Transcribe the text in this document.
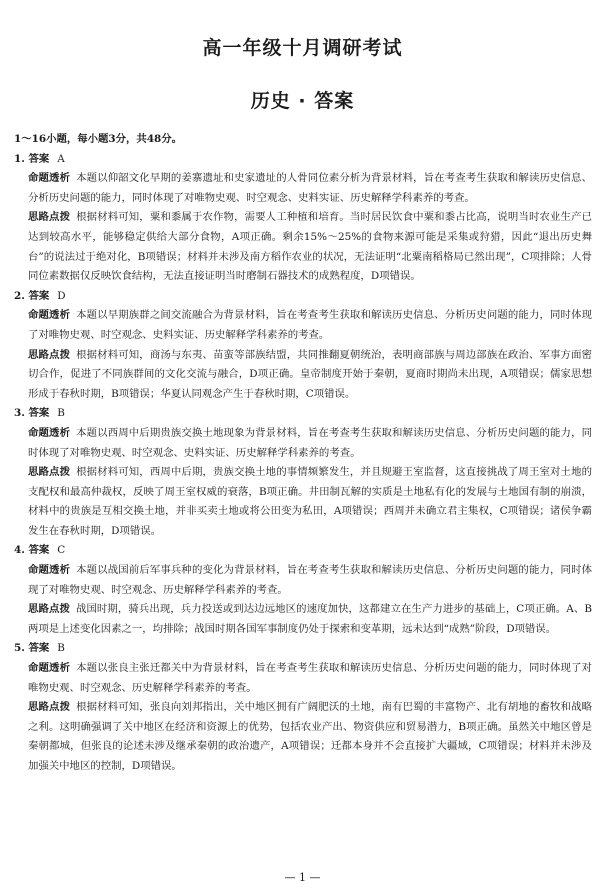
高一年级十月调研考试
历史 · 答案
1～16小题，每小题3分，共48分。
1. 答案 A
命题透析 本题以仰韶文化早期的姜寨遗址和史家遗址的人骨同位素分析为背景材料，旨在考查考生获取和解读历史信息、分析历史问题的能力，同时体现了对唯物史观、时空观念、史料实证、历史解释学科素养的考查。
思路点拨 根据材料可知，粟和黍属于农作物，需要人工种植和培育。当时居民饮食中粟和黍占比高，说明当时农业生产已达到较高水平，能够稳定供给大部分食物，A项正确。剩余15%～25%的食物来源可能是采集或狩猎，因此“退出历史舞台”的说法过于绝对化，B项错误；材料并未涉及南方稻作农业的状况，无法证明“北粟南稻格局已然出现”，C项排除；人骨同位素数据仅反映饮食结构，无法直接证明当时磨制石器技术的成熟程度，D项错误。
2. 答案 D
命题透析 本题以早期族群之间交流融合为背景材料，旨在考查考生获取和解读历史信息、分析历史问题的能力，同时体现了对唯物史观、时空观念、史料实证、历史解释学科素养的考查。
思路点拨 根据材料可知，商汤与东夷、苗蛮等部族结盟，共同推翻夏朝统治，表明商部族与周边部族在政治、军事方面密切合作，促进了不同族群间的文化交流与融合，D项正确。皇帝制度开始于秦朝，夏商时期尚未出现，A项错误；儒家思想形成于春秋时期，B项错误；华夏认同观念产生于春秋时期，C项错误。
3. 答案 B
命题透析 本题以西周中后期贵族交换土地现象为背景材料，旨在考查考生获取和解读历史信息、分析历史问题的能力，同时体现了对唯物史观、时空观念、史料实证、历史解释学科素养的考查。
思路点拨 根据材料可知，西周中后期，贵族交换土地的事情频繁发生，并且规避王室监督，这直接挑战了周王室对土地的支配权和最高仲裁权，反映了周王室权威的衰落，B项正确。井田制瓦解的实质是土地私有化的发展与土地国有制的崩溃，材料中的贵族是互相交换土地，并非买卖土地或将公田变为私田，A项错误；西周并未确立君主集权，C项错误；诸侯争霸发生在春秋时期，D项错误。
4. 答案 C
命题透析 本题以战国前后军事兵种的变化为背景材料，旨在考查考生获取和解读历史信息、分析历史问题的能力，同时体现了对唯物史观、时空观念、历史解释学科素养的考查。
思路点拨 战国时期，骑兵出现，兵力投送或到达边远地区的速度加快，这都建立在生产力进步的基础上，C项正确。A、B两项是上述变化因素之一，均排除；战国时期各国军事制度仍处于探索和变革期，远未达到“成熟”阶段，D项错误。
5. 答案 B
命题透析 本题以张良主张迁都关中为背景材料，旨在考查考生获取和解读历史信息、分析历史问题的能力，同时体现了对唯物史观、时空观念、历史解释学科素养的考查。
思路点拨 根据材料可知，张良向刘邦指出，关中地区拥有广阔肥沃的土地，南有巴蜀的丰富物产、北有胡地的畜牧和战略之利。这明确强调了关中地区在经济和资源上的优势，包括农业产出、物资供应和贸易潜力，B项正确。虽然关中地区曾是秦朝都城，但张良的论述未涉及继承秦朝的政治遗产，A项错误；迁都本身并不会直接扩大疆域，C项错误；材料并未涉及加强关中地区的控制，D项错误。
— 1 —
